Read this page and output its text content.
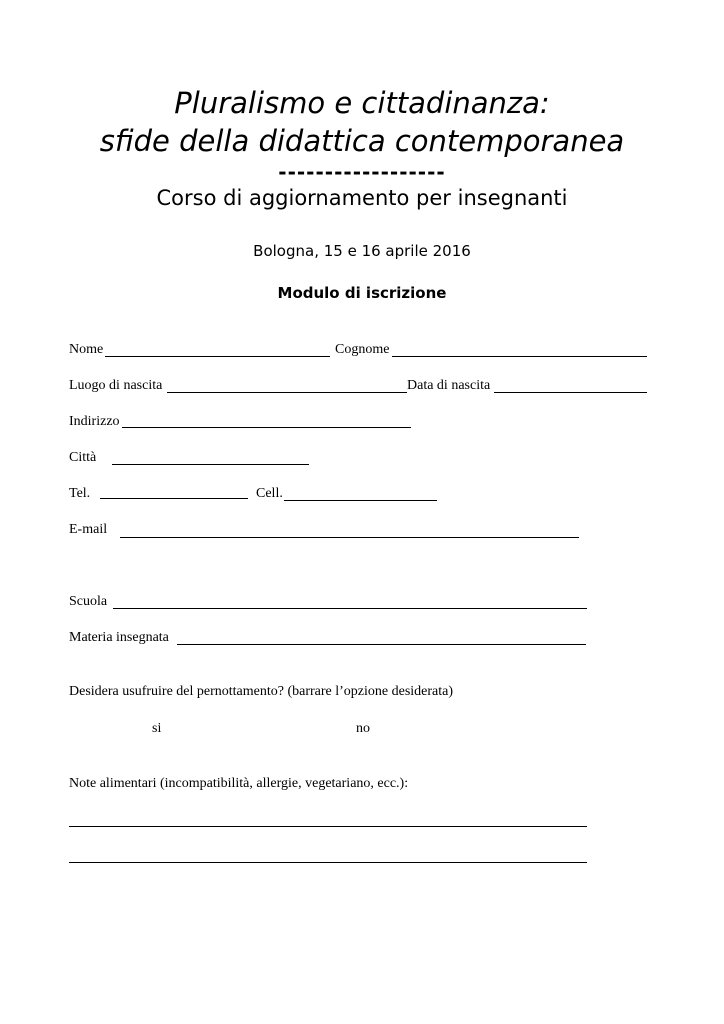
Pluralismo e cittadinanza:
sfide della didattica contemporanea
------------------
Corso di aggiornamento per insegnanti
Bologna, 15 e 16 aprile 2016
Modulo di iscrizione
Nome	Cognome
Luogo di nascita	Data di nascita
Indirizzo
Città
Tel.	Cell.
E-mail
Scuola
Materia insegnata
Desidera usufruire del pernottamento? (barrare l’opzione desiderata)
si	no
Note alimentari (incompatibilità, allergie, vegetariano, ecc.):
